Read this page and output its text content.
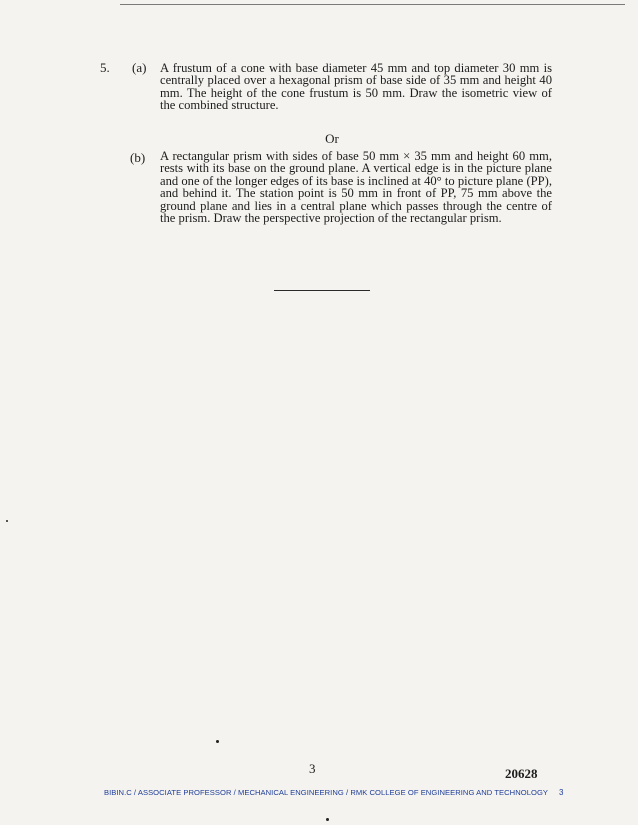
5. (a) A frustum of a cone with base diameter 45 mm and top diameter 30 mm is centrally placed over a hexagonal prism of base side of 35 mm and height 40 mm. The height of the cone frustum is 50 mm. Draw the isometric view of the combined structure.

Or
(b) A rectangular prism with sides of base 50 mm × 35 mm and height 60 mm, rests with its base on the ground plane. A vertical edge is in the picture plane and one of the longer edges of its base is inclined at 40° to picture plane (PP), and behind it. The station point is 50 mm in front of PP, 75 mm above the ground plane and lies in a central plane which passes through the centre of the prism. Draw the perspective projection of the rectangular prism.

3	20628
BIBIN.C / ASSOCIATE PROFESSOR / MECHANICAL ENGINEERING / RMK COLLEGE OF ENGINEERING AND TECHNOLOGY 3
